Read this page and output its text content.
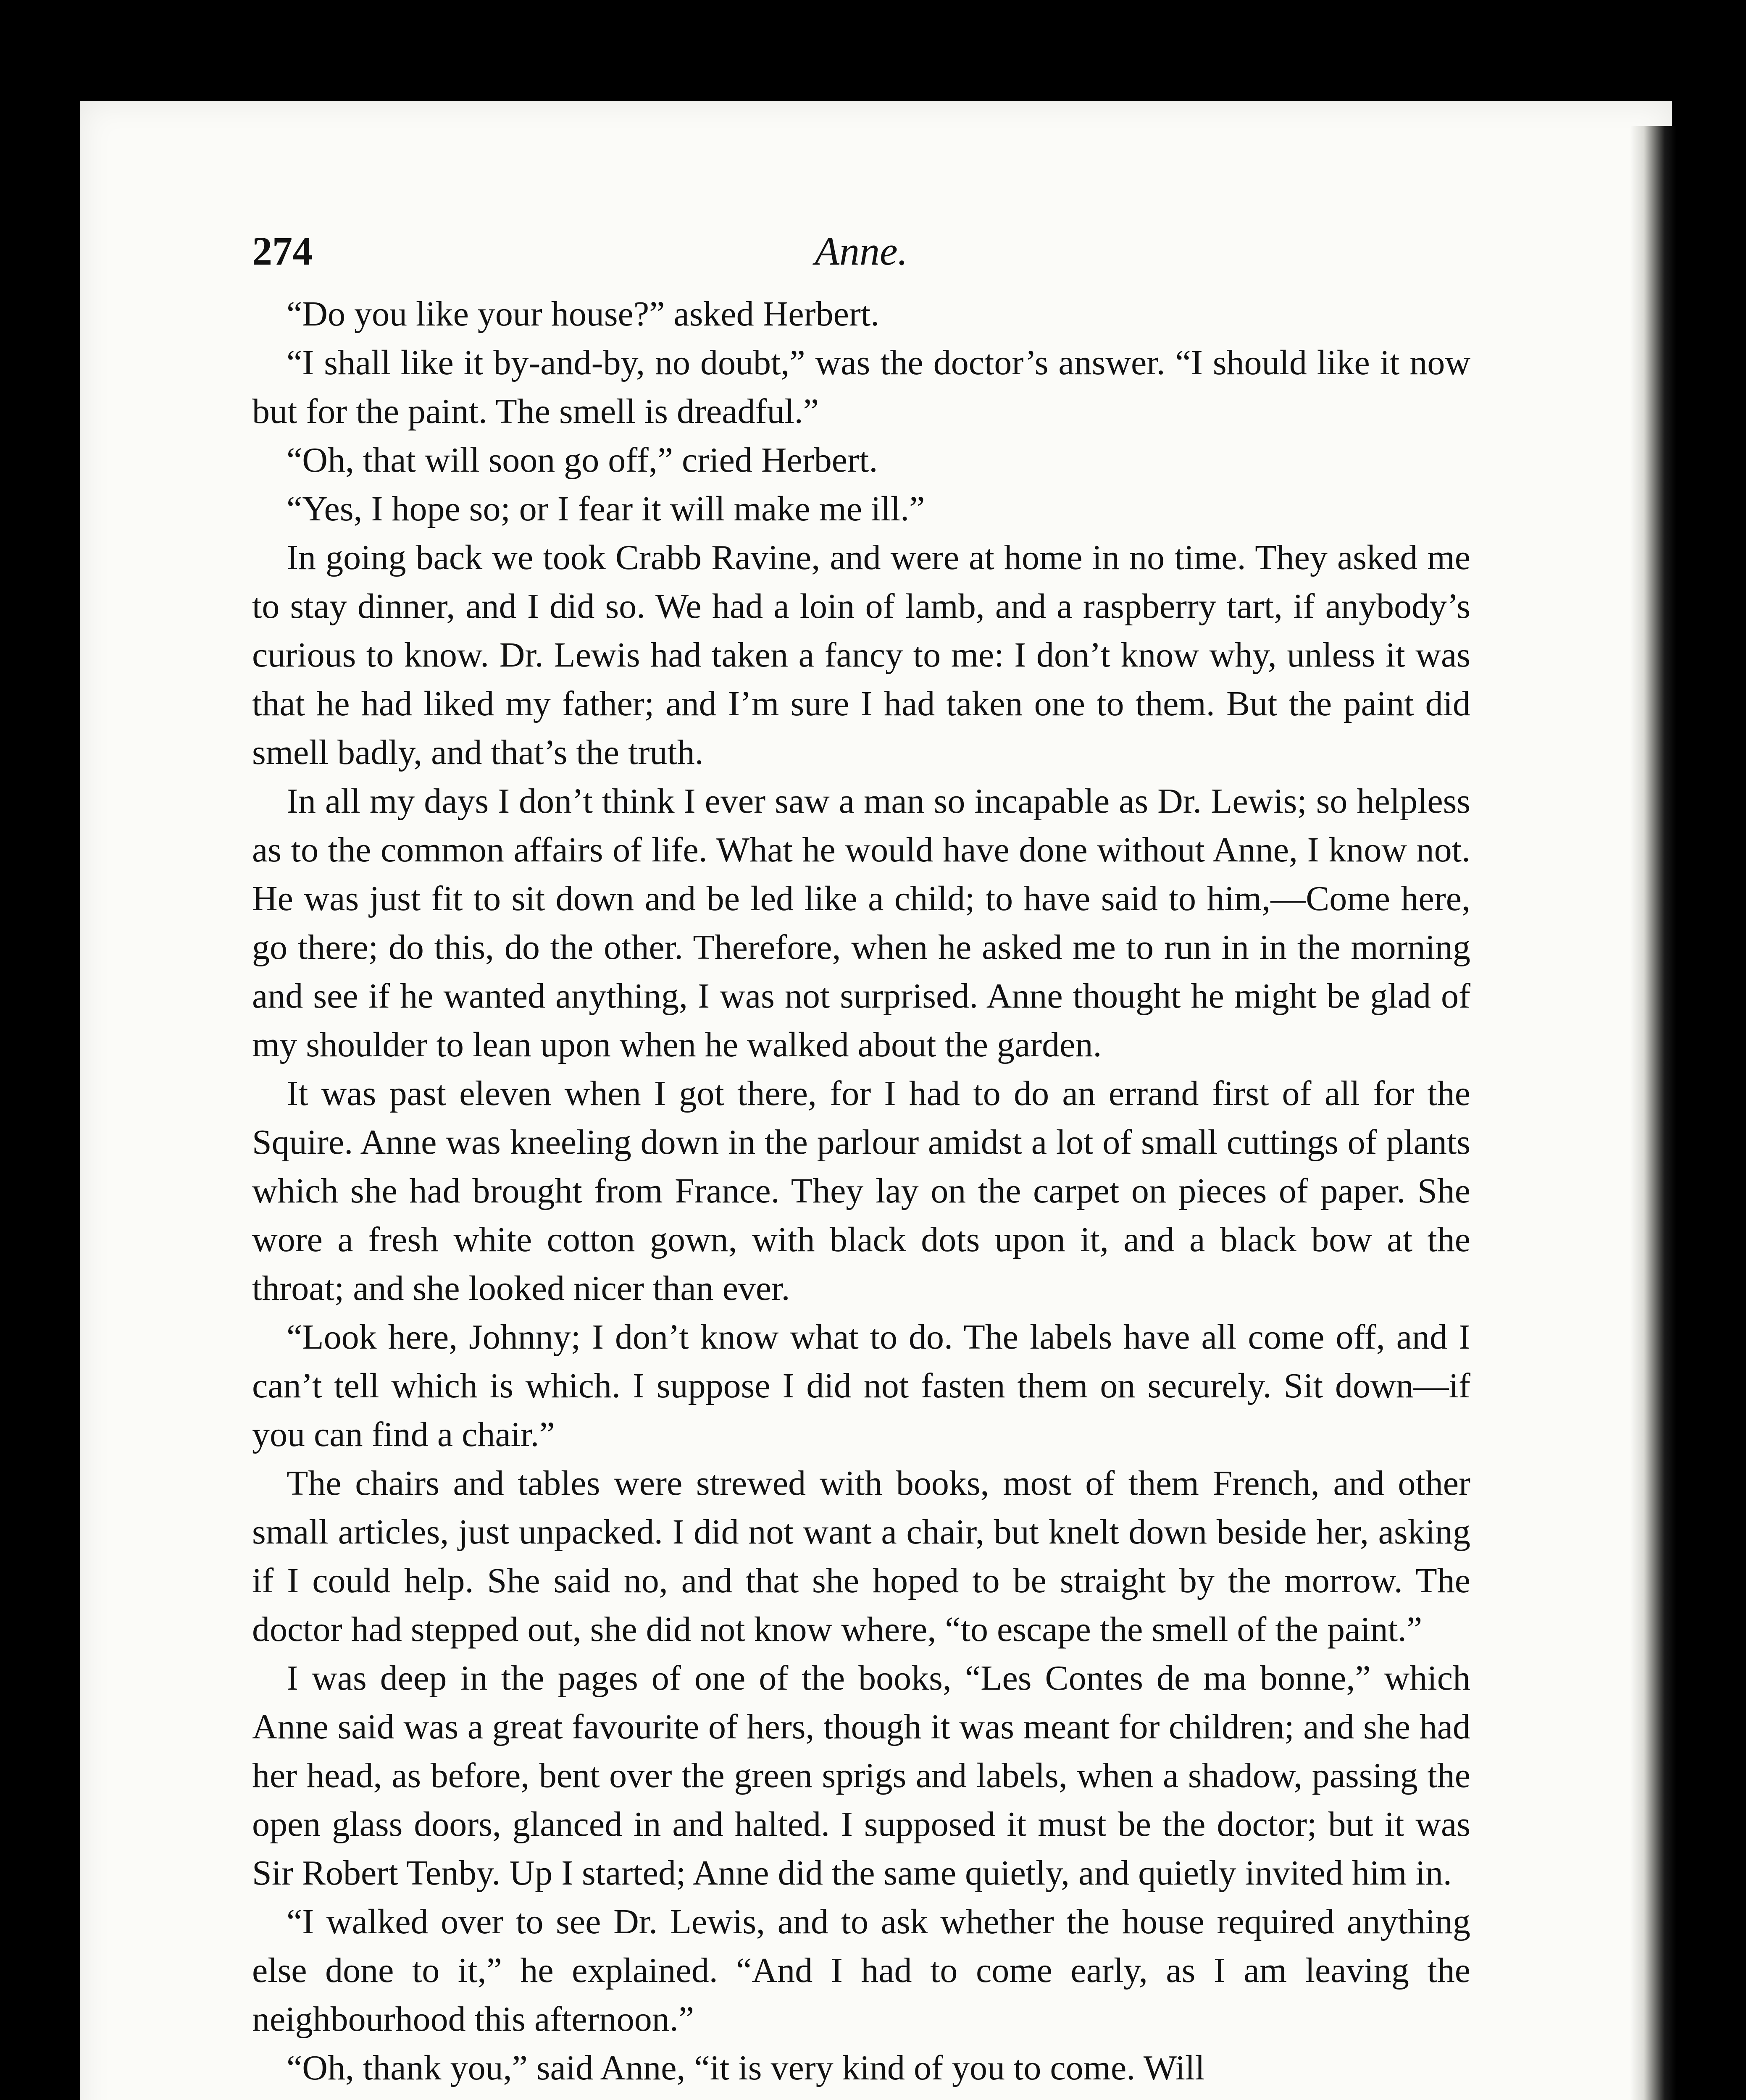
274	Anne.

“Do you like your house?” asked Herbert.

“I shall like it by-and-by, no doubt,” was the doctor’s answer. “I should like it now but for the paint. The smell is dreadful.”

“Oh, that will soon go off,” cried Herbert.

“Yes, I hope so; or I fear it will make me ill.”

In going back we took Crabb Ravine, and were at home in no time. They asked me to stay dinner, and I did so. We had a loin of lamb, and a raspberry tart, if anybody’s curious to know. Dr. Lewis had taken a fancy to me: I don’t know why, unless it was that he had liked my father; and I’m sure I had taken one to them. But the paint did smell badly, and that’s the truth.

In all my days I don’t think I ever saw a man so incapable as Dr. Lewis; so helpless as to the common affairs of life. What he would have done without Anne, I know not. He was just fit to sit down and be led like a child; to have said to him,—Come here, go there; do this, do the other. Therefore, when he asked me to run in in the morning and see if he wanted anything, I was not surprised. Anne thought he might be glad of my shoulder to lean upon when he walked about the garden.

It was past eleven when I got there, for I had to do an errand first of all for the Squire. Anne was kneeling down in the parlour amidst a lot of small cuttings of plants which she had brought from France. They lay on the carpet on pieces of paper. She wore a fresh white cotton gown, with black dots upon it, and a black bow at the throat; and she looked nicer than ever.

“Look here, Johnny; I don’t know what to do. The labels have all come off, and I can’t tell which is which. I suppose I did not fasten them on securely. Sit down—if you can find a chair.”

The chairs and tables were strewed with books, most of them French, and other small articles, just unpacked. I did not want a chair, but knelt down beside her, asking if I could help. She said no, and that she hoped to be straight by the morrow. The doctor had stepped out, she did not know where, “to escape the smell of the paint.”

I was deep in the pages of one of the books, “Les Contes de ma bonne,” which Anne said was a great favourite of hers, though it was meant for children; and she had her head, as before, bent over the green sprigs and labels, when a shadow, passing the open glass doors, glanced in and halted. I supposed it must be the doctor; but it was Sir Robert Tenby. Up I started; Anne did the same quietly, and quietly invited him in.

“I walked over to see Dr. Lewis, and to ask whether the house required anything else done to it,” he explained. “And I had to come early, as I am leaving the neighbourhood this afternoon.”

“Oh, thank you,” said Anne, “it is very kind of you to come. Will
